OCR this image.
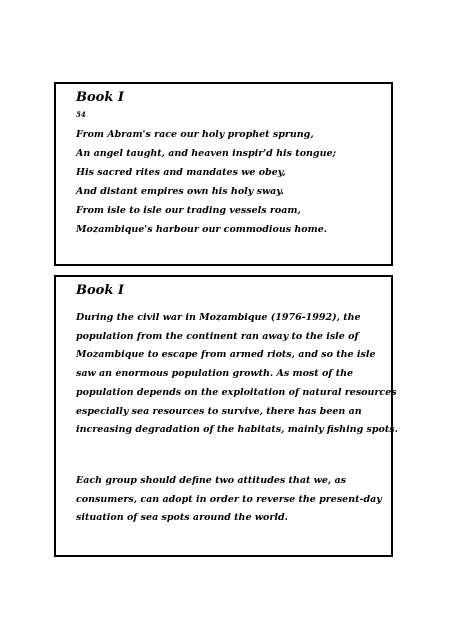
Book I
54

From Abram's race our holy prophet sprung,

An angel taught, and heaven inspir'd his tongue;

His sacred rites and mandates we obey,

And distant empires own his holy sway.

From isle to isle our trading vessels roam,

Mozambique's harbour our commodious home.

Book I
During the civil war in Mozambique (1976-1992), the
population from the continent ran away to the isle of
Mozambique to escape from armed riots, and so the isle
saw an enormous population growth. As most of the
population depends on the exploitation of natural resources
especially sea resources to survive, there has been an
increasing degradation of the habitats, mainly fishing spots.
Each group should define two attitudes that we, as
consumers, can adopt in order to reverse the present-day
situation of sea spots around the world.
